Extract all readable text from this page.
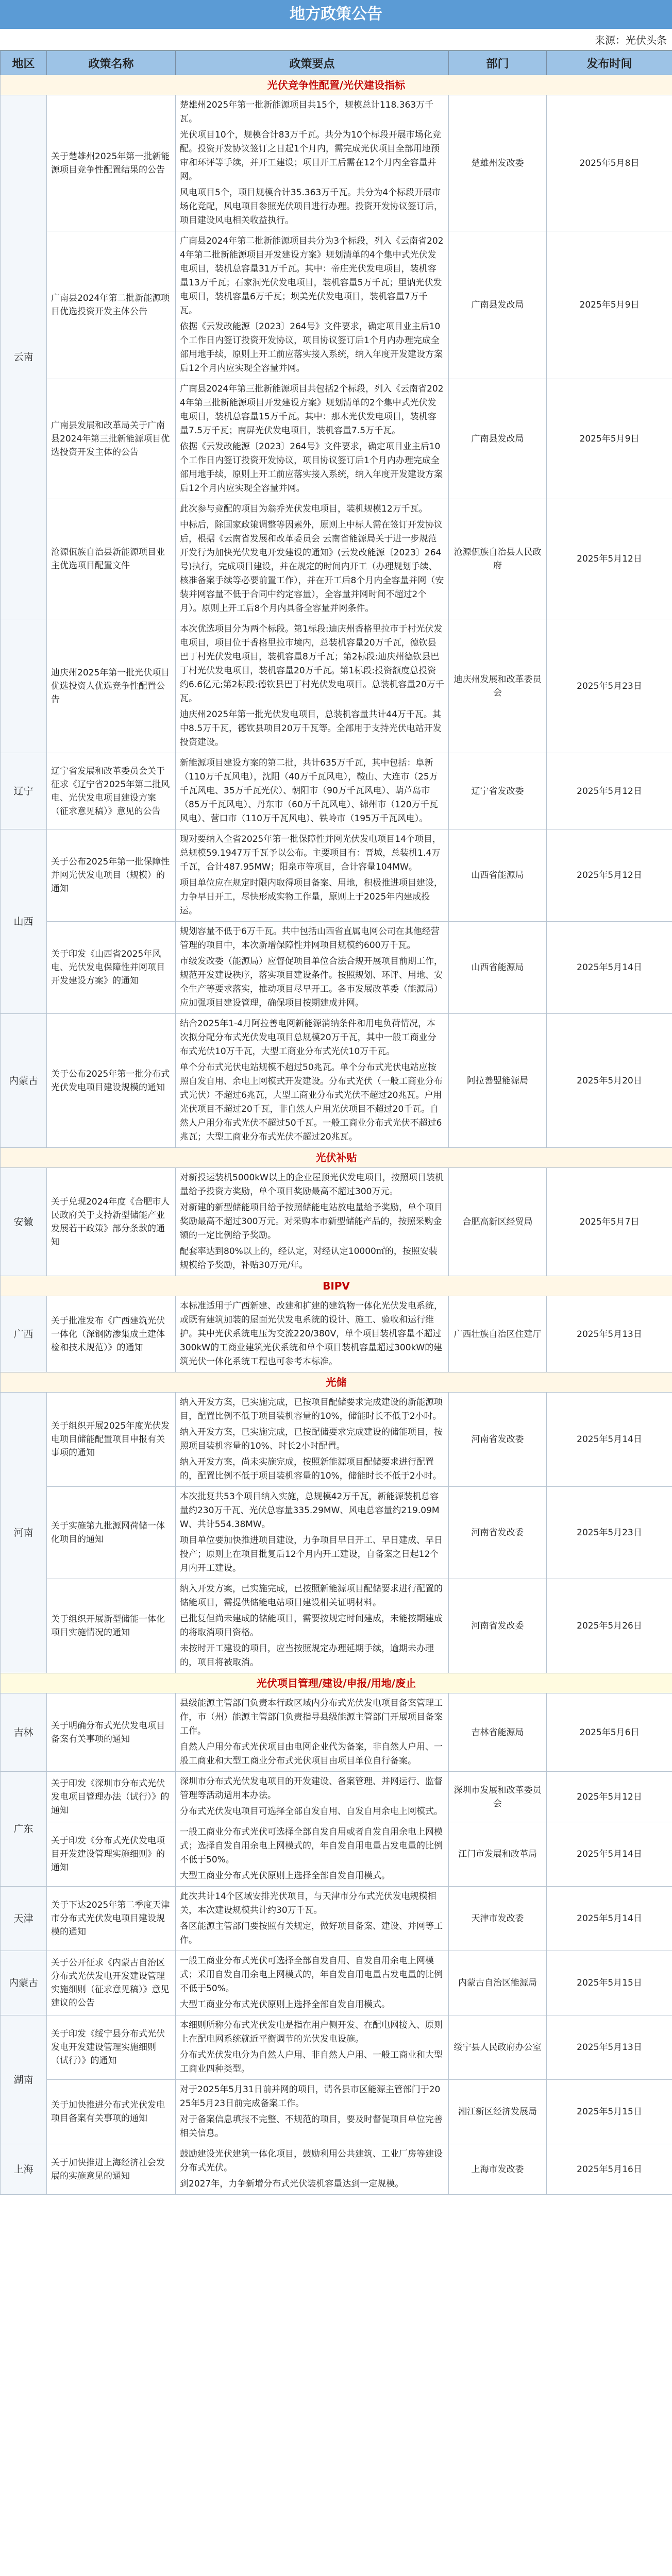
地方政策公告
来源：光伏头条
地区	政策名称	政策要点	部门	发布时间
光伏竞争性配置/光伏建设指标				
云南	关于楚雄州2025年第一批新能源项目竞争性配置结果的公告	楚雄州2025年第一批新能源项目共15个，规模总计118.363万千瓦。
光伏项目10个，规模合计83万千瓦。共分为10个标段开展市场化竞配。投资开发协议签订之日起1个月内，需完成光伏项目全部用地预审和环评等手续，并开工建设；项目开工后需在12个月内全容量并网。
风电项目5个，项目规模合计35.363万千瓦。共分为4个标段开展市场化竞配，风电项目参照光伏项目进行办理。投资开发协议签订后，项目建设风电相关收益执行。	楚雄州发改委	2025年5月8日
	广南县2024年第二批新能源项目优选投资开发主体公告	广南县2024年第二批新能源项目共分为3个标段，列入《云南省2024年第二批新能源项目开发建设方案》规划清单的4个集中式光伏发电项目，装机总容量31万千瓦。其中：帝庄光伏发电项目，装机容量13万千瓦；石家洞光伏发电项目，装机容量5万千瓦；里讷光伏发电项目，装机容量6万千瓦；坝美光伏发电项目，装机容量7万千瓦。
依据《云发改能源〔2023〕264号》文件要求，确定项目业主后10个工作日内签订投资开发协议，项目协议签订后1个月内办理完成全部用地手续，原则上开工前应落实接入系统，纳入年度开发建设方案后12个月内应实现全容量并网。	广南县发改局	2025年5月9日
	广南县发展和改革局关于广南县2024年第三批新能源项目优选投资开发主体的公告	广南县2024年第三批新能源项目共包括2个标段，列入《云南省2024年第三批新能源项目开发建设方案》规划清单的2个集中式光伏发电项目，装机总容量15万千瓦。其中：那木光伏发电项目，装机容量7.5万千瓦；南屏光伏发电项目，装机容量7.5万千瓦。
依据《云发改能源〔2023〕264号》文件要求，确定项目业主后10个工作日内签订投资开发协议，项目协议签订后1个月内办理完成全部用地手续，原则上开工前应落实接入系统，纳入年度开发建设方案后12个月内应实现全容量并网。	广南县发改局	2025年5月9日
	沧源佤族自治县新能源项目业主优选项目配置文件	此次参与竞配的项目为翁乔光伏发电项目，装机规模12万千瓦。
中标后，除国家政策调整等因素外，原则上中标人需在签订开发协议后，根据《云南省发展和改革委员会 云南省能源局关于进一步规范开发行为加快光伏发电开发建设的通知》(云发改能源〔2023〕264号)执行，完成项目建设，并在规定的时间内开工（办理规划手续、核准备案手续等必要前置工作），并在开工后8个月内全容量并网（安装并网容量不低于合同中约定容量），全容量并网时间不超过2个月）。原则上开工后8个月内具备全容量并网条件。	沧源佤族自治县人民政府	2025年5月12日
	迪庆州2025年第一批光伏项目优选投资人优选竞争性配置公告	本次优选项目分为两个标段。第1标段:迪庆州香格里拉市于村光伏发电项目，项目位于香格里拉市境内，总装机容量20万千瓦，德钦县巴丁村光伏发电项目，装机容量8万千瓦；第2标段:迪庆州德钦县巴丁村光伏发电项目，装机容量20万千瓦。第1标段:投资额度总投资约6.6亿元;第2标段:德钦县巴丁村光伏发电项目。总装机容量20万千瓦。
迪庆州2025年第一批光伏发电项目，总装机容量共计44万千瓦。其中8.5万千瓦，德钦县项目20万千瓦等。全部用于支持光伏电站开发投资建设。	迪庆州发展和改革委员会	2025年5月23日
辽宁	辽宁省发展和改革委员会关于征求《辽宁省2025年第二批风电、光伏发电项目建设方案（征求意见稿）》意见的公告	新能源项目建设方案的第二批，共计635万千瓦，其中包括：阜新（110万千瓦风电），沈阳（40万千瓦风电），鞍山、大连市（25万千瓦风电、35万千瓦光伏）、朝阳市（90万千瓦风电）、葫芦岛市（85万千瓦风电）、丹东市（60万千瓦风电）、锦州市（120万千瓦风电）、营口市（110万千瓦风电）、铁岭市（195万千瓦风电）。	辽宁省发改委	2025年5月12日
山西	关于公布2025年第一批保障性并网光伏发电项目（规模）的通知	现对要纳入全省2025年第一批保障性并网光伏发电项目14个项目，总规模59.1947万千瓦予以公布。主要项目有：晋城，总装机1.4万千瓦，合计487.95MW；阳泉市等项目，合计容量104MW。
项目单位应在规定时限内取得项目备案、用地，积极推进项目建设，力争早日开工，尽快形成实物工作量，原则上于2025年内建成投运。	山西省能源局	2025年5月12日
	关于印发《山西省2025年风电、光伏发电保障性并网项目开发建设方案》的通知	规划容量不低于6万千瓦。共中包括山西省直属电网公司在其他经营管理的项目中，本次新增保障性并网项目规模约600万千瓦。
市级发改委（能源局）应督促项目单位合法合规开展项目前期工作，规范开发建设秩序，落实项目建设条件。按照规划、环评、用地、安全生产等要求落实，推动项目尽早开工。各市发展改革委（能源局）应加强项目建设管理，确保项目按期建成并网。	山西省能源局	2025年5月14日
内蒙古	关于公布2025年第一批分布式光伏发电项目建设规模的通知	结合2025年1-4月阿拉善电网新能源消纳条件和用电负荷情况，本次拟分配分布式光伏发电项目总规模20万千瓦，其中一般工商业分布式光伏10万千瓦，大型工商业分布式光伏10万千瓦。
单个分布式光伏电站规模不超过50兆瓦。单个分布式光伏电站应按照自发自用、余电上网模式开发建设。分布式光伏（一般工商业分布式光伏）不超过6兆瓦，大型工商业分布式光伏不超过20兆瓦。户用光伏项目不超过20千瓦，非自然人户用光伏项目不超过20千瓦。自然人户用分布式光伏不超过50千瓦。一般工商业分布式光伏不超过6兆瓦；大型工商业分布式光伏不超过20兆瓦。	阿拉善盟能源局	2025年5月20日
光伏补贴				
安徽	关于兑现2024年度《合肥市人民政府关于支持新型储能产业发展若干政策》部分条款的通知	对新投运装机5000kW以上的企业屋顶光伏发电项目，按照项目装机量给予投资方奖励，单个项目奖励最高不超过300万元。
对新建的新型储能项目给予按照储能电站放电量给予奖励，单个项目奖励最高不超过300万元。对采购本市新型储能产品的，按照采购金额的一定比例给予奖励。
配套率达到80%以上的，经认定，对经认定10000㎡的，按照安装规模给予奖励，补贴30万元/年。	合肥高新区经贸局	2025年5月7日
BIPV				
广西	关于批准发布《广西建筑光伏一体化（深钢防渗集成土建体检和技术规范）》的通知	本标准适用于广西新建、改建和扩建的建筑物一体化光伏发电系统，或既有建筑加装的屋面光伏发电系统的设计、施工、验收和运行维护。其中光伏系统电压为交流220/380V，单个项目装机容量不超过300kW的工商业建筑光伏系统和单个项目装机容量超过300kW的建筑光伏一体化系统工程也可参考本标准。	广西壮族自治区住建厅	2025年5月13日
光储				
河南	关于组织开展2025年度光伏发电项目储能配置项目申报有关事项的通知	纳入开发方案，已实施完成，已按项目配储要求完成建设的新能源项目，配置比例不低于项目装机容量的10%，储能时长不低于2小时。
纳入开发方案，已实施完成，已按配储要求完成建设的储能项目，按照项目装机容量的10%、时长2小时配置。
纳入开发方案，尚未实施完成，按照新能源项目配储要求进行配置的，配置比例不低于项目装机容量的10%，储能时长不低于2小时。	河南省发改委	2025年5月14日
	关于实施第九批源网荷储一体化项目的通知	本次批复共53个项目纳入实施，总规模42万千瓦，新能源装机总容量约230万千瓦、光伏总容量335.29MW、风电总容量约219.09MW、共计554.38MW。
项目单位要加快推进项目建设，力争项目早日开工、早日建成、早日投产；原则上在项目批复后12个月内开工建设，自备案之日起12个月内开工建设。	河南省发改委	2025年5月23日
	关于组织开展新型储能一体化项目实施情况的通知	纳入开发方案，已实施完成，已按照新能源项目配储要求进行配置的储能项目，需提供储能电站项目建设相关证明材料。
已批复但尚未建成的储能项目，需要按规定时间建成，未能按期建成的将取消项目资格。
未按时开工建设的项目，应当按照规定办理延期手续，逾期未办理的，项目将被取消。	河南省发改委	2025年5月26日
光伏项目管理/建设/申报/用地/废止				
吉林	关于明确分布式光伏发电项目备案有关事项的通知	县级能源主管部门负责本行政区域内分布式光伏发电项目备案管理工作，市（州）能源主管部门负责指导县级能源主管部门开展项目备案工作。
自然人户用分布式光伏项目由电网企业代为备案，非自然人户用、一般工商业和大型工商业分布式光伏项目由项目单位自行备案。	吉林省能源局	2025年5月6日
广东	关于印发《深圳市分布式光伏发电项目管理办法（试行）》的通知	深圳市分布式光伏发电项目的开发建设、备案管理、并网运行、监督管理等活动适用本办法。
分布式光伏发电项目可选择全部自发自用、自发自用余电上网模式。	深圳市发展和改革委员会	2025年5月12日
	关于印发《分布式光伏发电项目开发建设管理实施细则》的通知	一般工商业分布式光伏可选择全部自发自用或者自发自用余电上网模式；选择自发自用余电上网模式的，年自发自用电量占发电量的比例不低于50%。
大型工商业分布式光伏原则上选择全部自发自用模式。	江门市发展和改革局	2025年5月14日
天津	关于下达2025年第二季度天津市分布式光伏发电项目建设规模的通知	此次共计14个区域安排光伏项目，与天津市分布式光伏发电规模相关，本次建设规模共计约30万千瓦。
各区能源主管部门要按照有关规定，做好项目备案、建设、并网等工作。	天津市发改委	2025年5月14日
内蒙古	关于公开征求《内蒙古自治区分布式光伏发电开发建设管理实施细则（征求意见稿）》意见建议的公告	一般工商业分布式光伏可选择全部自发自用、自发自用余电上网模式；采用自发自用余电上网模式的，年自发自用电量占发电量的比例不低于50%。
大型工商业分布式光伏原则上选择全部自发自用模式。	内蒙古自治区能源局	2025年5月15日
湖南	关于印发《绥宁县分布式光伏发电开发建设管理实施细则（试行）》的通知	本细则所称分布式光伏发电是指在用户侧开发、在配电网接入、原则上在配电网系统就近平衡调节的光伏发电设施。
分布式光伏发电分为自然人户用、非自然人户用、一般工商业和大型工商业四种类型。	绥宁县人民政府办公室	2025年5月13日
	关于加快推进分布式光伏发电项目备案有关事项的通知	对于2025年5月31日前并网的项目，请各县市区能源主管部门于2025年5月23日前完成备案工作。
对于备案信息填报不完整、不规范的项目，要及时督促项目单位完善相关信息。	湘江新区经济发展局	2025年5月15日
上海	关于加快推进上海经济社会发展的实施意见的通知	鼓励建设光伏建筑一体化项目，鼓励利用公共建筑、工业厂房等建设分布式光伏。
到2027年，力争新增分布式光伏装机容量达到一定规模。	上海市发改委	2025年5月16日
